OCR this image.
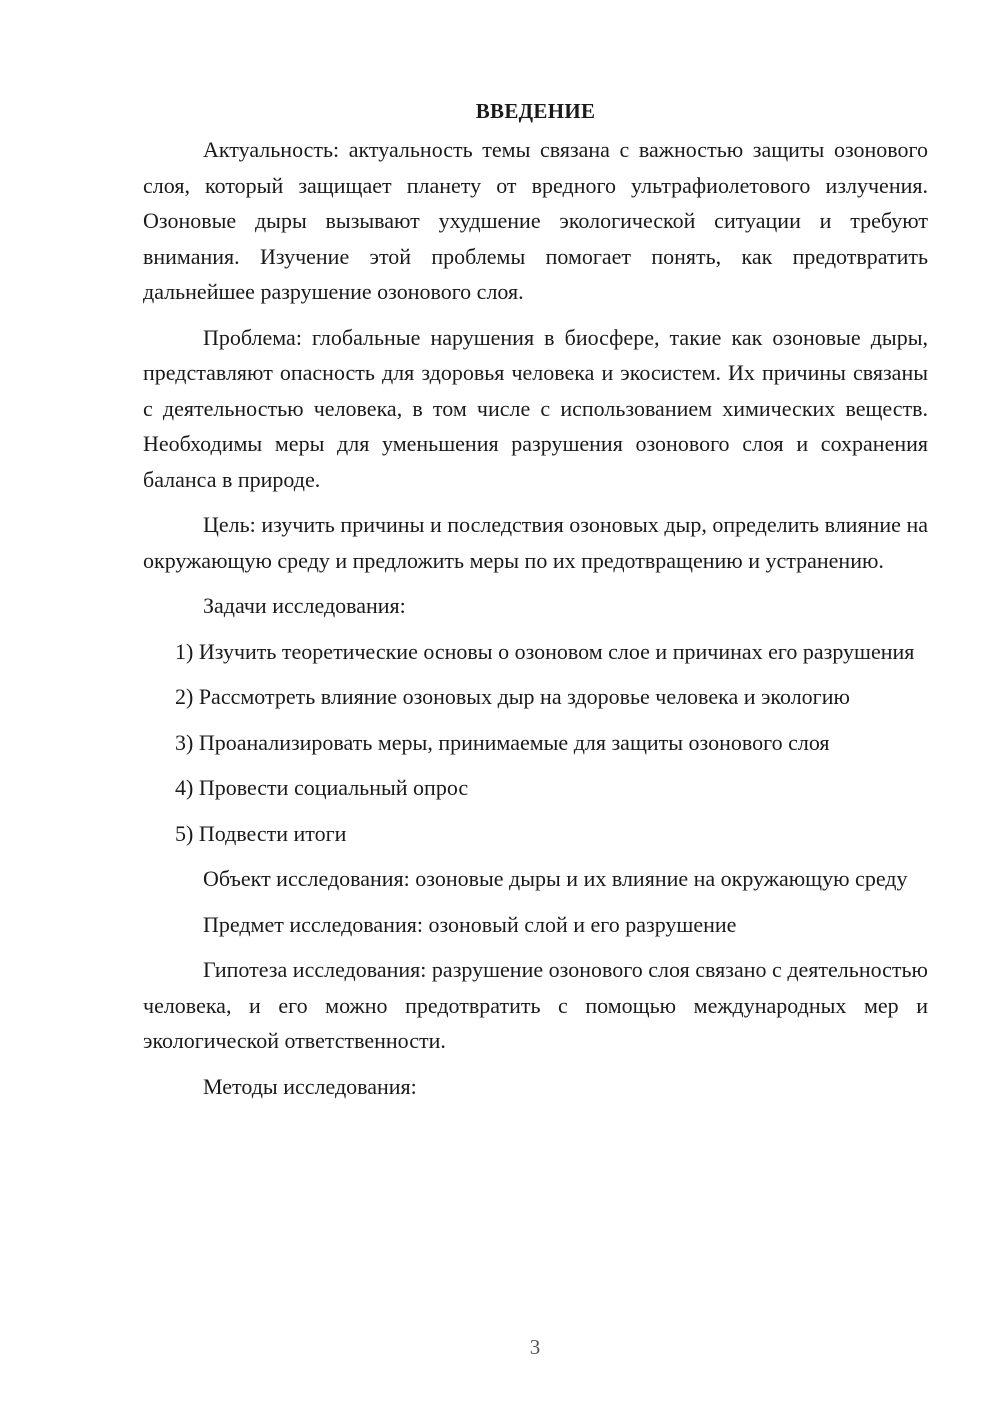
ВВЕДЕНИЕ

Актуальность: актуальность темы связана с важностью защиты озонового слоя, который защищает планету от вредного ультрафиолетового излучения. Озоновые дыры вызывают ухудшение экологической ситуации и требуют внимания. Изучение этой проблемы помогает понять, как предотвратить дальнейшее разрушение озонового слоя.

Проблема: глобальные нарушения в биосфере, такие как озоновые дыры, представляют опасность для здоровья человека и экосистем. Их причины связаны с деятельностью человека, в том числе с использованием химических веществ. Необходимы меры для уменьшения разрушения озонового слоя и сохранения баланса в природе.

Цель: изучить причины и последствия озоновых дыр, определить влияние на окружающую среду и предложить меры по их предотвращению и устранению.

Задачи исследования:

1) Изучить теоретические основы о озоновом слое и причинах его разрушения

2) Рассмотреть влияние озоновых дыр на здоровье человека и экологию

3) Проанализировать меры, принимаемые для защиты озонового слоя

4) Провести социальный опрос

5) Подвести итоги

Объект исследования: озоновые дыры и их влияние на окружающую среду

Предмет исследования: озоновый слой и его разрушение

Гипотеза исследования: разрушение озонового слоя связано с деятельностью человека, и его можно предотвратить с помощью международных мер и экологической ответственности.

Методы исследования:

3
